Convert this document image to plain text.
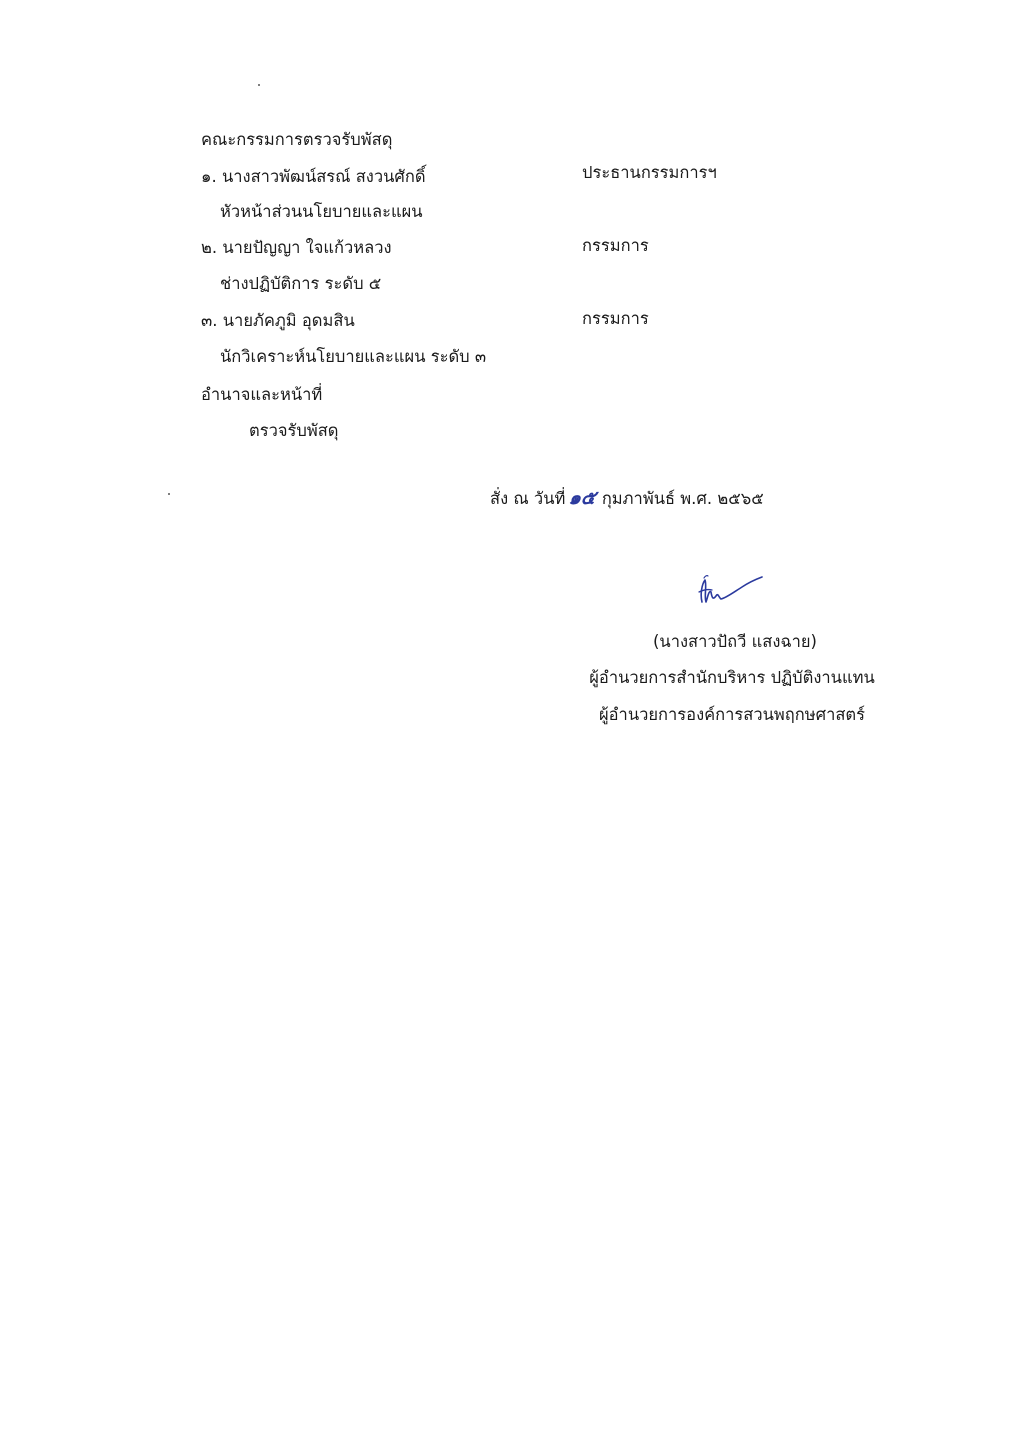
คณะกรรมการตรวจรับพัสดุ
๑. นางสาวพัฒน์สรณ์ สงวนศักดิ์	ประธานกรรมการฯ
หัวหน้าส่วนนโยบายและแผน
๒. นายปัญญา ใจแก้วหลวง	กรรมการ
ช่างปฏิบัติการ ระดับ ๕
๓. นายภัคภูมิ อุดมสิน	กรรมการ
นักวิเคราะห์นโยบายและแผน ระดับ ๓
อำนาจและหน้าที่
ตรวจรับพัสดุ
สั่ง ณ วันที่ ๑๕ กุมภาพันธ์ พ.ศ. ๒๕๖๕
(นางสาวปัถวี แสงฉาย)
ผู้อำนวยการสำนักบริหาร ปฏิบัติงานแทน
ผู้อำนวยการองค์การสวนพฤกษศาสตร์
